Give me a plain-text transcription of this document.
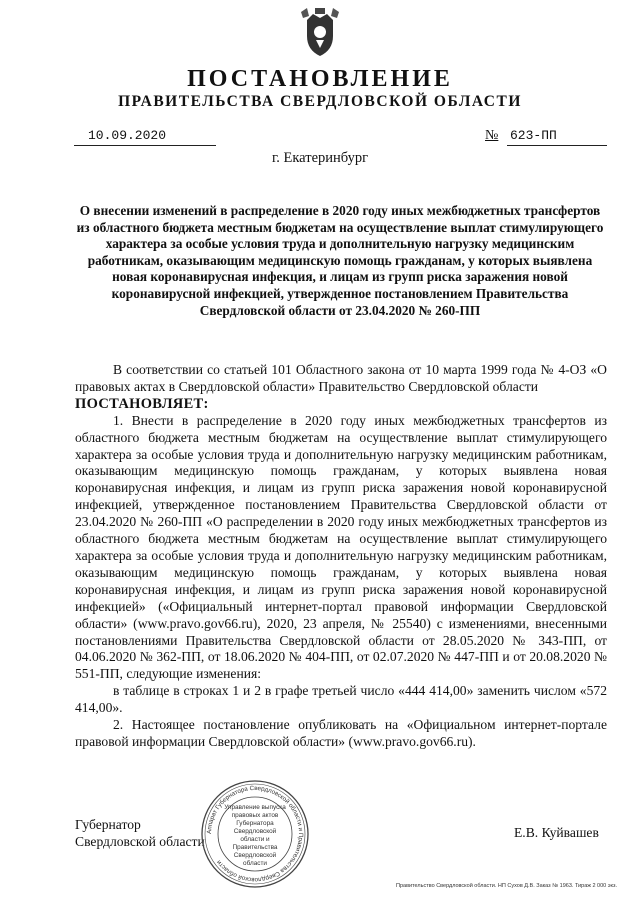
ПОСТАНОВЛЕНИЕ
ПРАВИТЕЛЬСТВА СВЕРДЛОВСКОЙ ОБЛАСТИ
10.09.2020	№ 623-ПП
г. Екатеринбург
О внесении изменений в распределение в 2020 году иных межбюджетных трансфертов из областного бюджета местным бюджетам на осуществление выплат стимулирующего характера за особые условия труда и дополнительную нагрузку медицинским работникам, оказывающим медицинскую помощь гражданам, у которых выявлена новая коронавирусная инфекция, и лицам из групп риска заражения новой коронавирусной инфекцией, утвержденное постановлением Правительства Свердловской области от 23.04.2020 № 260-ПП

В соответствии со статьей 101 Областного закона от 10 марта 1999 года № 4-ОЗ «О правовых актах в Свердловской области» Правительство Свердловской области

ПОСТАНОВЛЯЕТ:

1. Внести в распределение в 2020 году иных межбюджетных трансфертов из областного бюджета местным бюджетам на осуществление выплат стимулирующего характера за особые условия труда и дополнительную нагрузку медицинским работникам, оказывающим медицинскую помощь гражданам, у которых выявлена новая коронавирусная инфекция, и лицам из групп риска заражения новой коронавирусной инфекцией, утвержденное постановлением Правительства Свердловской области от 23.04.2020 № 260-ПП «О распределении в 2020 году иных межбюджетных трансфертов из областного бюджета местным бюджетам на осуществление выплат стимулирующего характера за особые условия труда и дополнительную нагрузку медицинским работникам, оказывающим медицинскую помощь гражданам, у которых выявлена новая коронавирусная инфекция, и лицам из групп риска заражения новой коронавирусной инфекцией» («Официальный интернет-портал правовой информации Свердловской области» (www.pravo.gov66.ru), 2020, 23 апреля, № 25540) с изменениями, внесенными постановлениями Правительства Свердловской области от 28.05.2020 № 343-ПП, от 04.06.2020 № 362-ПП, от 18.06.2020 № 404-ПП, от 02.07.2020 № 447-ПП и от 20.08.2020 № 551-ПП, следующие изменения:

в таблице в строках 1 и 2 в графе третьей число «444 414,00» заменить числом «572 414,00».

2. Настоящее постановление опубликовать на «Официальном интернет-портале правовой информации Свердловской области» (www.pravo.gov66.ru).

Губернатор
Свердловской области
Е.В. Куйвашев
Аппарат Губернатора Свердловской области и Правительства Свердловской области
Управление выпуска правовых актов Губернатора Свердловской области и Правительства Свердловской области
Правительство Свердловской области. НП Сухов Д.В. Заказ № 1963. Тираж 2 000 экз.
